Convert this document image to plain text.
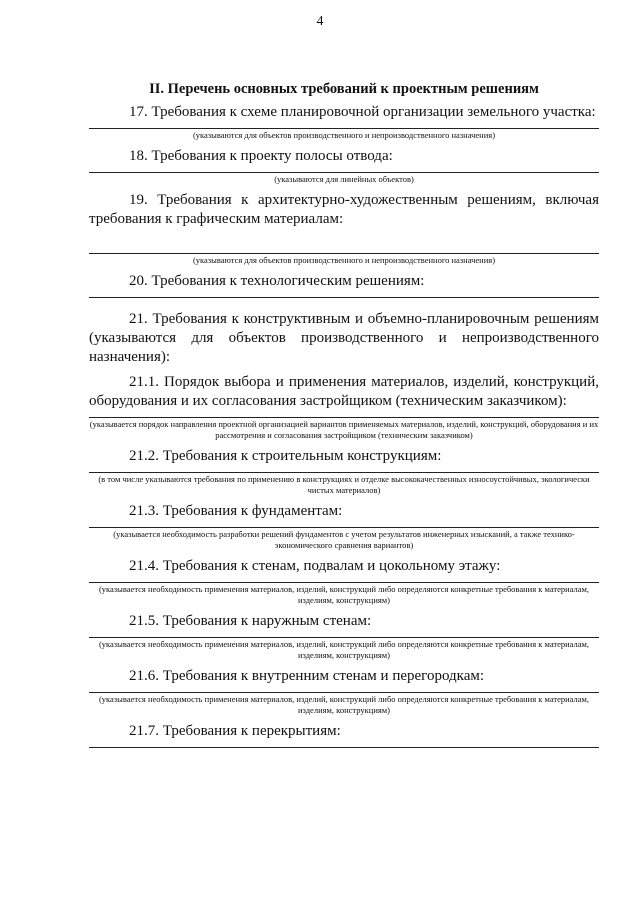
4
II. Перечень основных требований к проектным решениям

17. Требования к схеме планировочной организации земельного участка:

(указываются для объектов производственного и непроизводственного назначения)

18. Требования к проекту полосы отвода:

(указываются для линейных объектов)

19. Требования к архитектурно-художественным решениям, включая требования к графическим материалам:

(указываются для объектов производственного и непроизводственного назначения)

20. Требования к технологическим решениям:

21. Требования к конструктивным и объемно-планировочным решениям (указываются для объектов производственного и непроизводственного назначения):

21.1. Порядок выбора и применения материалов, изделий, конструкций, оборудования и их согласования застройщиком (техническим заказчиком):

(указывается порядок направления проектной организацией вариантов применяемых материалов, изделий, конструкций, оборудования и их рассмотрения и согласования застройщиком (техническим заказчиком)

21.2. Требования к строительным конструкциям:

(в том числе указываются требования по применению в конструкциях и отделке высококачественных износоустойчивых, экологически чистых материалов)

21.3. Требования к фундаментам:

(указывается необходимость разработки решений фундаментов с учетом результатов инженерных изысканий, а также технико-экономического сравнения вариантов)

21.4. Требования к стенам, подвалам и цокольному этажу:

(указывается необходимость применения материалов, изделий, конструкций либо определяются конкретные требования к материалам, изделиям, конструкциям)

21.5. Требования к наружным стенам:

(указывается необходимость применения материалов, изделий, конструкций либо определяются конкретные требования к материалам, изделиям, конструкциям)

21.6. Требования к внутренним стенам и перегородкам:

(указывается необходимость применения материалов, изделий, конструкций либо определяются конкретные требования к материалам, изделиям, конструкциям)

21.7. Требования к перекрытиям:
